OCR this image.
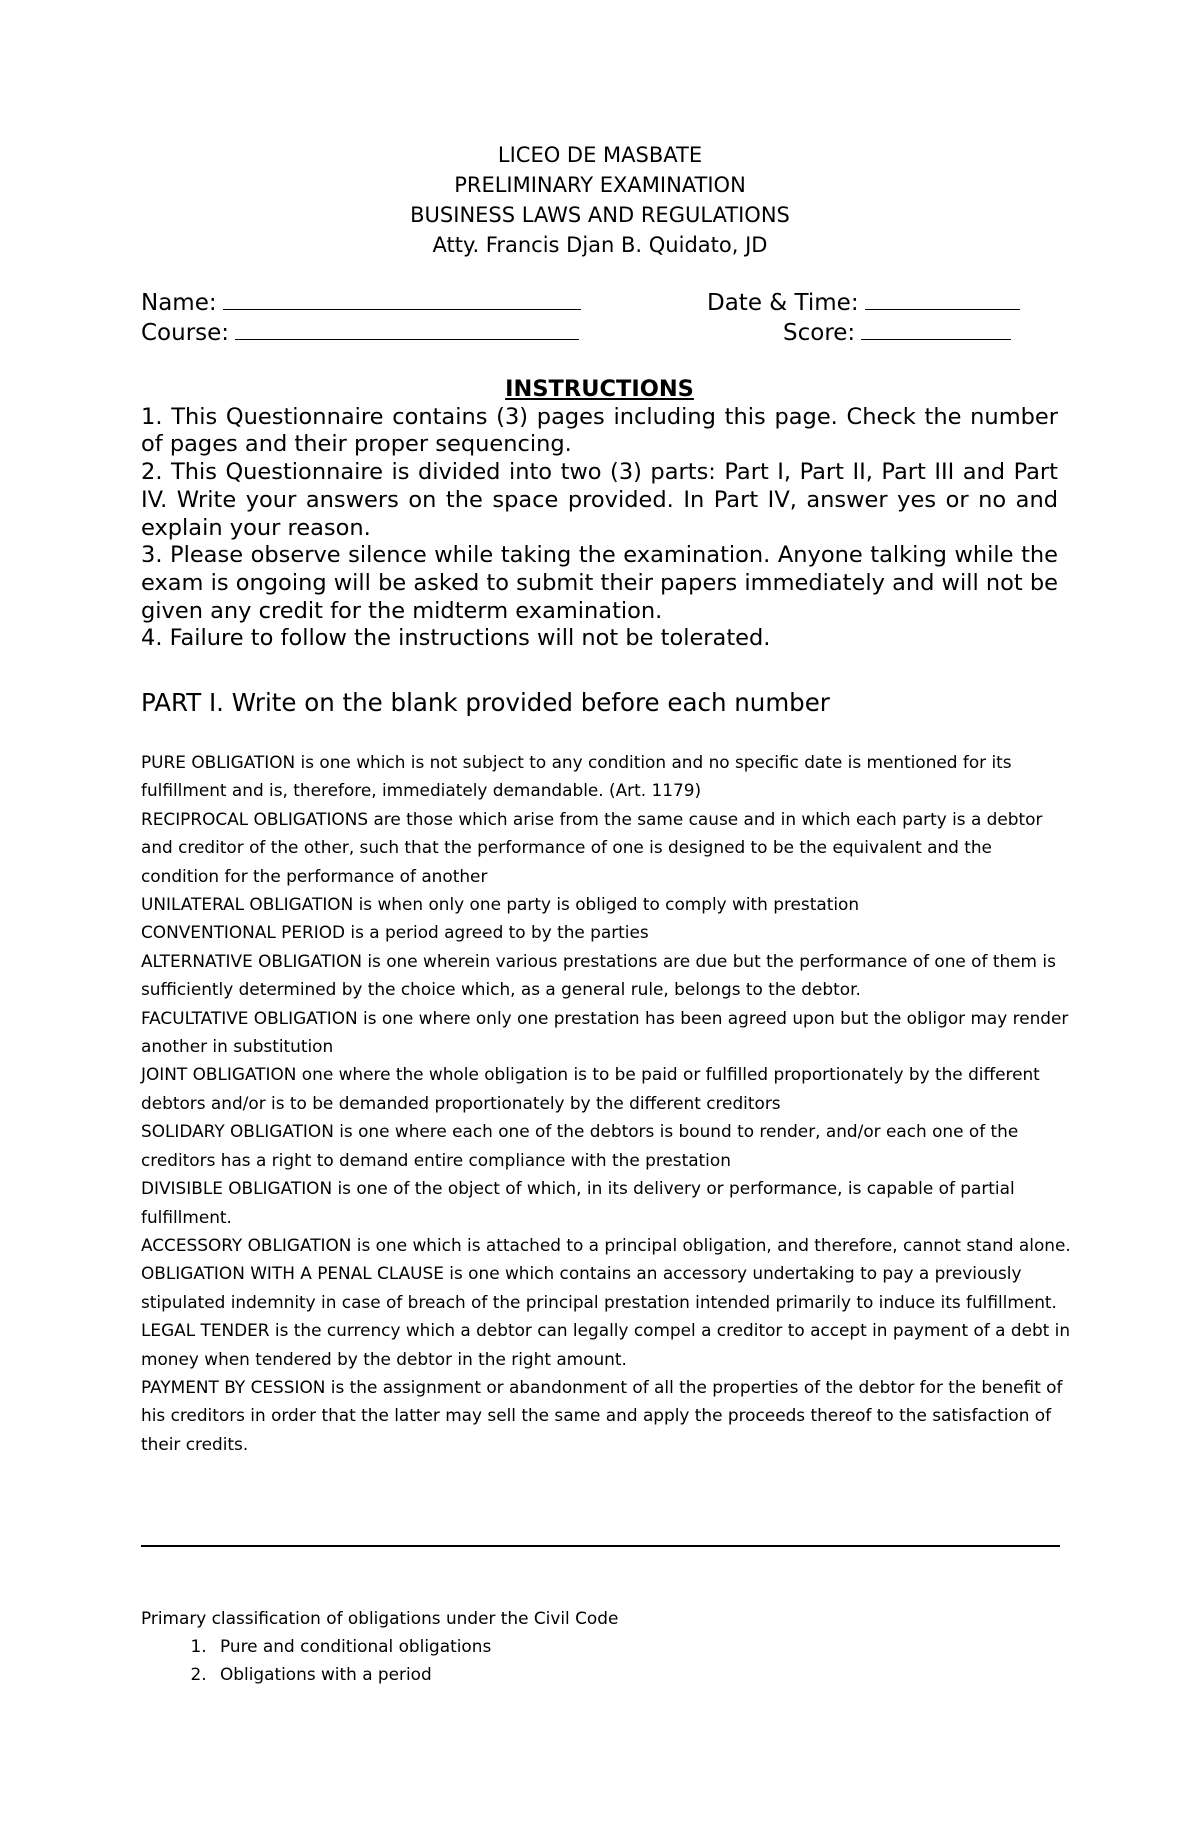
LICEO DE MASBATE
PRELIMINARY EXAMINATION
BUSINESS LAWS AND REGULATIONS
Atty. Francis Djan B. Quidato, JD
Name:	Date & Time:
Course:	Score:
INSTRUCTIONS

1. This Questionnaire contains (3) pages including this page. Check the number of pages and their proper sequencing.

2. This Questionnaire is divided into two (3) parts: Part I, Part II, Part III and Part IV. Write your answers on the space provided. In Part IV, answer yes or no and explain your reason.

3. Please observe silence while taking the examination. Anyone talking while the exam is ongoing will be asked to submit their papers immediately and will not be given any credit for the midterm examination.

4. Failure to follow the instructions will not be tolerated.

PART I. Write on the blank provided before each number

PURE OBLIGATION is one which is not subject to any condition and no specific date is mentioned for its fulfillment and is, therefore, immediately demandable. (Art. 1179)

RECIPROCAL OBLIGATIONS are those which arise from the same cause and in which each party is a debtor and creditor of the other, such that the performance of one is designed to be the equivalent and the condition for the performance of another

UNILATERAL OBLIGATION is when only one party is obliged to comply with prestation

CONVENTIONAL PERIOD is a period agreed to by the parties

ALTERNATIVE OBLIGATION is one wherein various prestations are due but the performance of one of them is sufficiently determined by the choice which, as a general rule, belongs to the debtor.

FACULTATIVE OBLIGATION is one where only one prestation has been agreed upon but the obligor may render another in substitution

JOINT OBLIGATION one where the whole obligation is to be paid or fulfilled proportionately by the different debtors and/or is to be demanded proportionately by the different creditors

SOLIDARY OBLIGATION is one where each one of the debtors is bound to render, and/or each one of the creditors has a right to demand entire compliance with the prestation

DIVISIBLE OBLIGATION is one of the object of which, in its delivery or performance, is capable of partial fulfillment.

ACCESSORY OBLIGATION is one which is attached to a principal obligation, and therefore, cannot stand alone.

OBLIGATION WITH A PENAL CLAUSE is one which contains an accessory undertaking to pay a previously stipulated indemnity in case of breach of the principal prestation intended primarily to induce its fulfillment.

LEGAL TENDER is the currency which a debtor can legally compel a creditor to accept in payment of a debt in money when tendered by the debtor in the right amount.

PAYMENT BY CESSION is the assignment or abandonment of all the properties of the debtor for the benefit of his creditors in order that the latter may sell the same and apply the proceeds thereof to the satisfaction of their credits.

Primary classification of obligations under the Civil Code
1. Pure and conditional obligations
2. Obligations with a period
